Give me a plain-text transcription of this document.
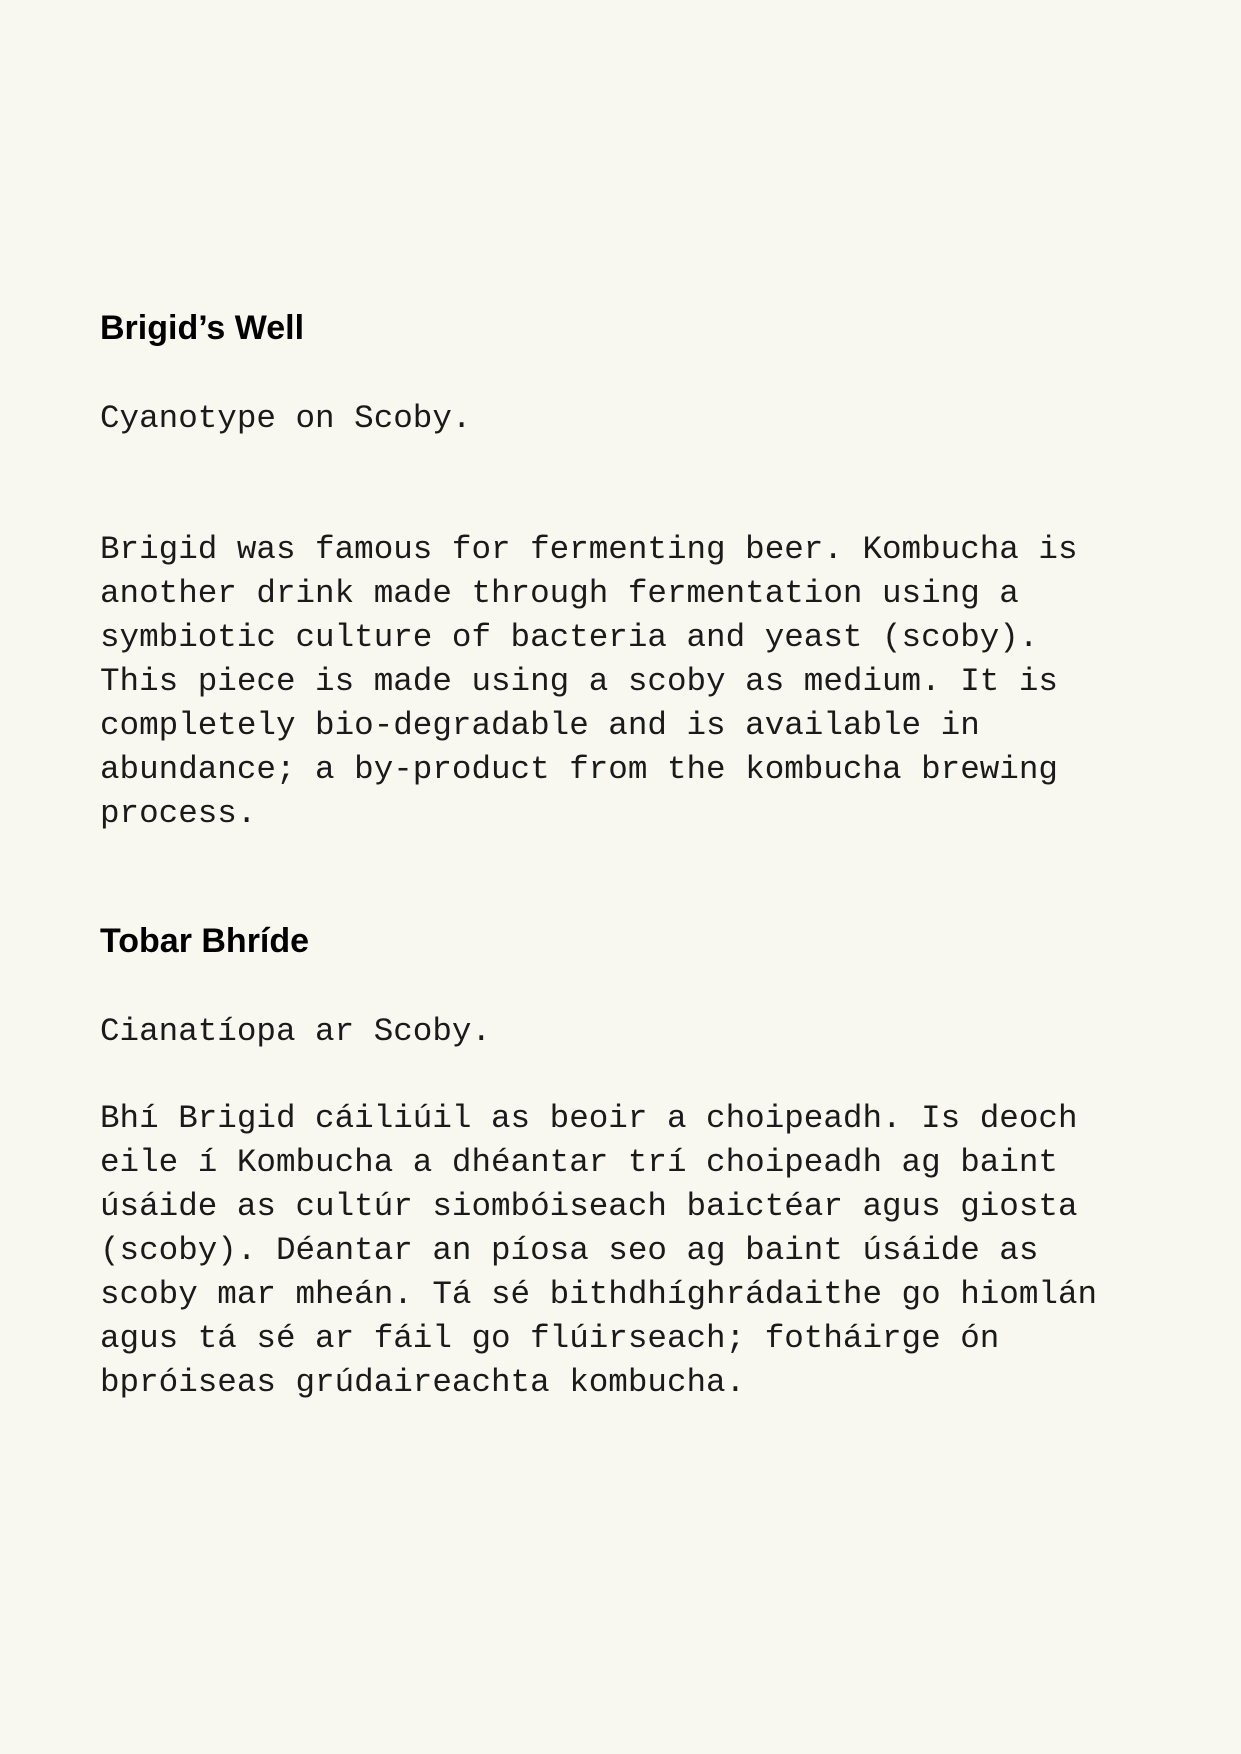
Brigid’s Well

Cyanotype on Scoby.

Brigid was famous for fermenting beer. Kombucha is

another drink made through fermentation using a

symbiotic culture of bacteria and yeast (scoby).

This piece is made using a scoby as medium. It is

completely bio-degradable and is available in

abundance; a by-product from the kombucha brewing

process.

Tobar Bhríde

Cianatíopa ar Scoby.

Bhí Brigid cáiliúil as beoir a choipeadh. Is deoch

eile í Kombucha a dhéantar trí choipeadh ag baint

úsáide as cultúr siombóiseach baictéar agus giosta

(scoby). Déantar an píosa seo ag baint úsáide as

scoby mar mheán. Tá sé bithdhíghrádaithe go hiomlán

agus tá sé ar fáil go flúirseach; fotháirge ón

bpróiseas grúdaireachta kombucha.
